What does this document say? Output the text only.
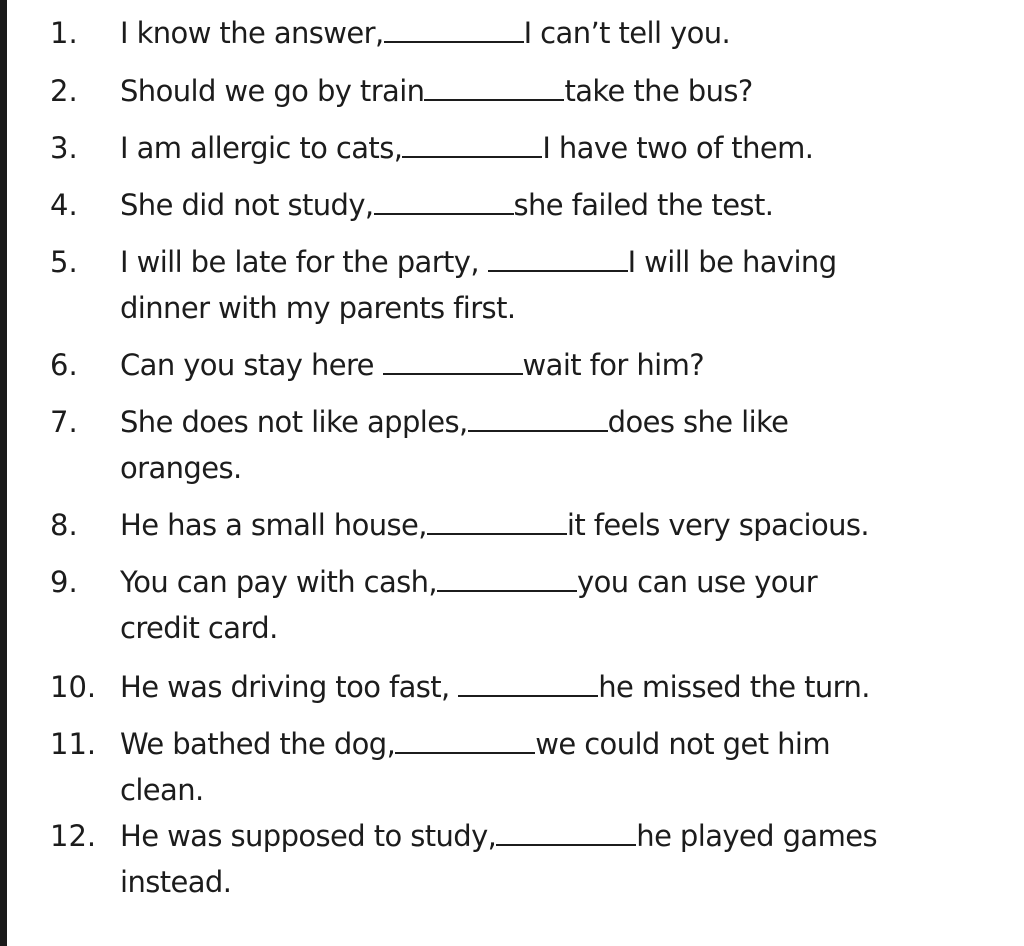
1. I know the answer,	I can’t tell you.
2. Should we go by train	take the bus?
3. I am allergic to cats,	I have two of them.
4. She did not study,	she failed the test.
5. I will be late for the party,	I will be having
dinner with my parents first.
6. Can you stay here	wait for him?
7. She does not like apples,	does she like
oranges.
8. He has a small house,	it feels very spacious.
9. You can pay with cash,	you can use your
credit card.
10. He was driving too fast,	he missed the turn.
11. We bathed the dog,	we could not get him
clean.
12. He was supposed to study,	he played games
instead.
